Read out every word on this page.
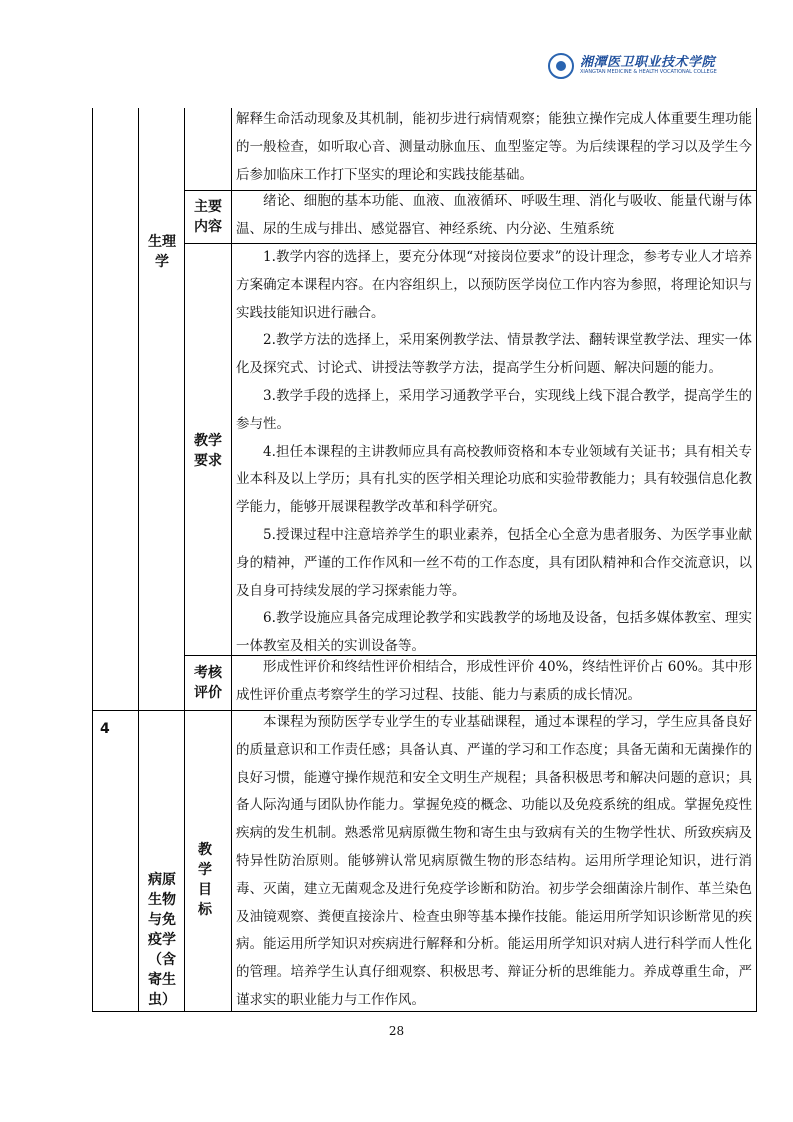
湘潭医卫职业技术学院
XIANGTAN MEDICINE & HEALTH VOCATIONAL COLLEGE
生理学

解释生命活动现象及其机制，能初步进行病情观察；能独立操作完成人体重要生理功能的一般检查，如听取心音、测量动脉血压、血型鉴定等。为后续课程的学习以及学生今后参加临床工作打下坚实的理论和实践技能基础。

主要内容

绪论、细胞的基本功能、血液、血液循环、呼吸生理、消化与吸收、能量代谢与体温、尿的生成与排出、感觉器官、神经系统、内分泌、生殖系统

教学要求

1.教学内容的选择上，要充分体现“对接岗位要求”的设计理念，参考专业人才培养方案确定本课程内容。在内容组织上，以预防医学岗位工作内容为参照，将理论知识与实践技能知识进行融合。

2.教学方法的选择上，采用案例教学法、情景教学法、翻转课堂教学法、理实一体化及探究式、讨论式、讲授法等教学方法，提高学生分析问题、解决问题的能力。

3.教学手段的选择上，采用学习通教学平台，实现线上线下混合教学，提高学生的参与性。

4.担任本课程的主讲教师应具有高校教师资格和本专业领域有关证书；具有相关专业本科及以上学历；具有扎实的医学相关理论功底和实验带教能力；具有较强信息化教学能力，能够开展课程教学改革和科学研究。

5.授课过程中注意培养学生的职业素养，包括全心全意为患者服务、为医学事业献身的精神，严谨的工作作风和一丝不苟的工作态度，具有团队精神和合作交流意识，以及自身可持续发展的学习探索能力等。

6.教学设施应具备完成理论教学和实践教学的场地及设备，包括多媒体教室、理实一体教室及相关的实训设备等。

考核评价

形成性评价和终结性评价相结合，形成性评价 40%，终结性评价占 60%。其中形成性评价重点考察学生的学习过程、技能、能力与素质的成长情况。

4
病原生物与免疫学（含寄生虫）
教学目标

本课程为预防医学专业学生的专业基础课程，通过本课程的学习，学生应具备良好的质量意识和工作责任感；具备认真、严谨的学习和工作态度；具备无菌和无菌操作的良好习惯，能遵守操作规范和安全文明生产规程；具备积极思考和解决问题的意识；具备人际沟通与团队协作能力。掌握免疫的概念、功能以及免疫系统的组成。掌握免疫性疾病的发生机制。熟悉常见病原微生物和寄生虫与致病有关的生物学性状、所致疾病及特异性防治原则。能够辨认常见病原微生物的形态结构。运用所学理论知识，进行消毒、灭菌，建立无菌观念及进行免疫学诊断和防治。初步学会细菌涂片制作、革兰染色及油镜观察、粪便直接涂片、检查虫卵等基本操作技能。能运用所学知识诊断常见的疾病。能运用所学知识对疾病进行解释和分析。能运用所学知识对病人进行科学而人性化的管理。培养学生认真仔细观察、积极思考、辩证分析的思维能力。养成尊重生命，严谨求实的职业能力与工作作风。

28
